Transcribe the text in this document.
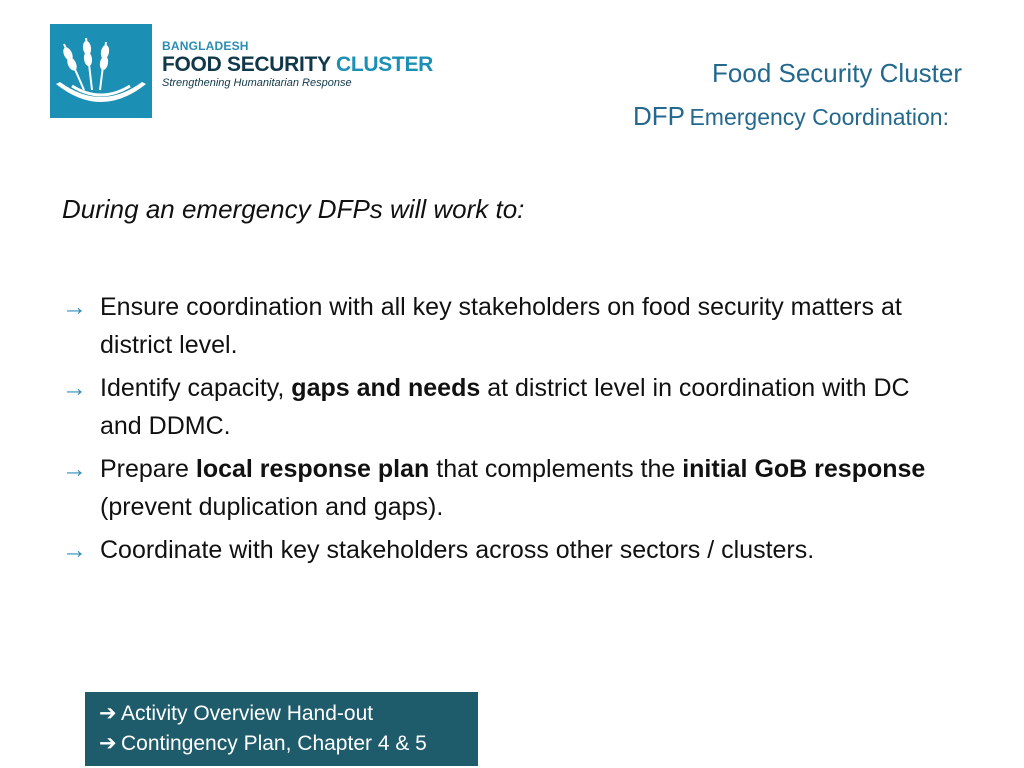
BANGLADESH
FOOD SECURITY CLUSTER
Strengthening Humanitarian Response	Food Security Cluster
DFP Emergency Coordination:
During an emergency DFPs will work to:
→ Ensure coordination with all key stakeholders on food security matters at district level.
→ Identify capacity, gaps and needs at district level in coordination with DC and DDMC.
→ Prepare local response plan that complements the initial GoB response (prevent duplication and gaps).
→ Coordinate with key stakeholders across other sectors / clusters.
➔ Activity Overview Hand-out
➔ Contingency Plan, Chapter 4 & 5
